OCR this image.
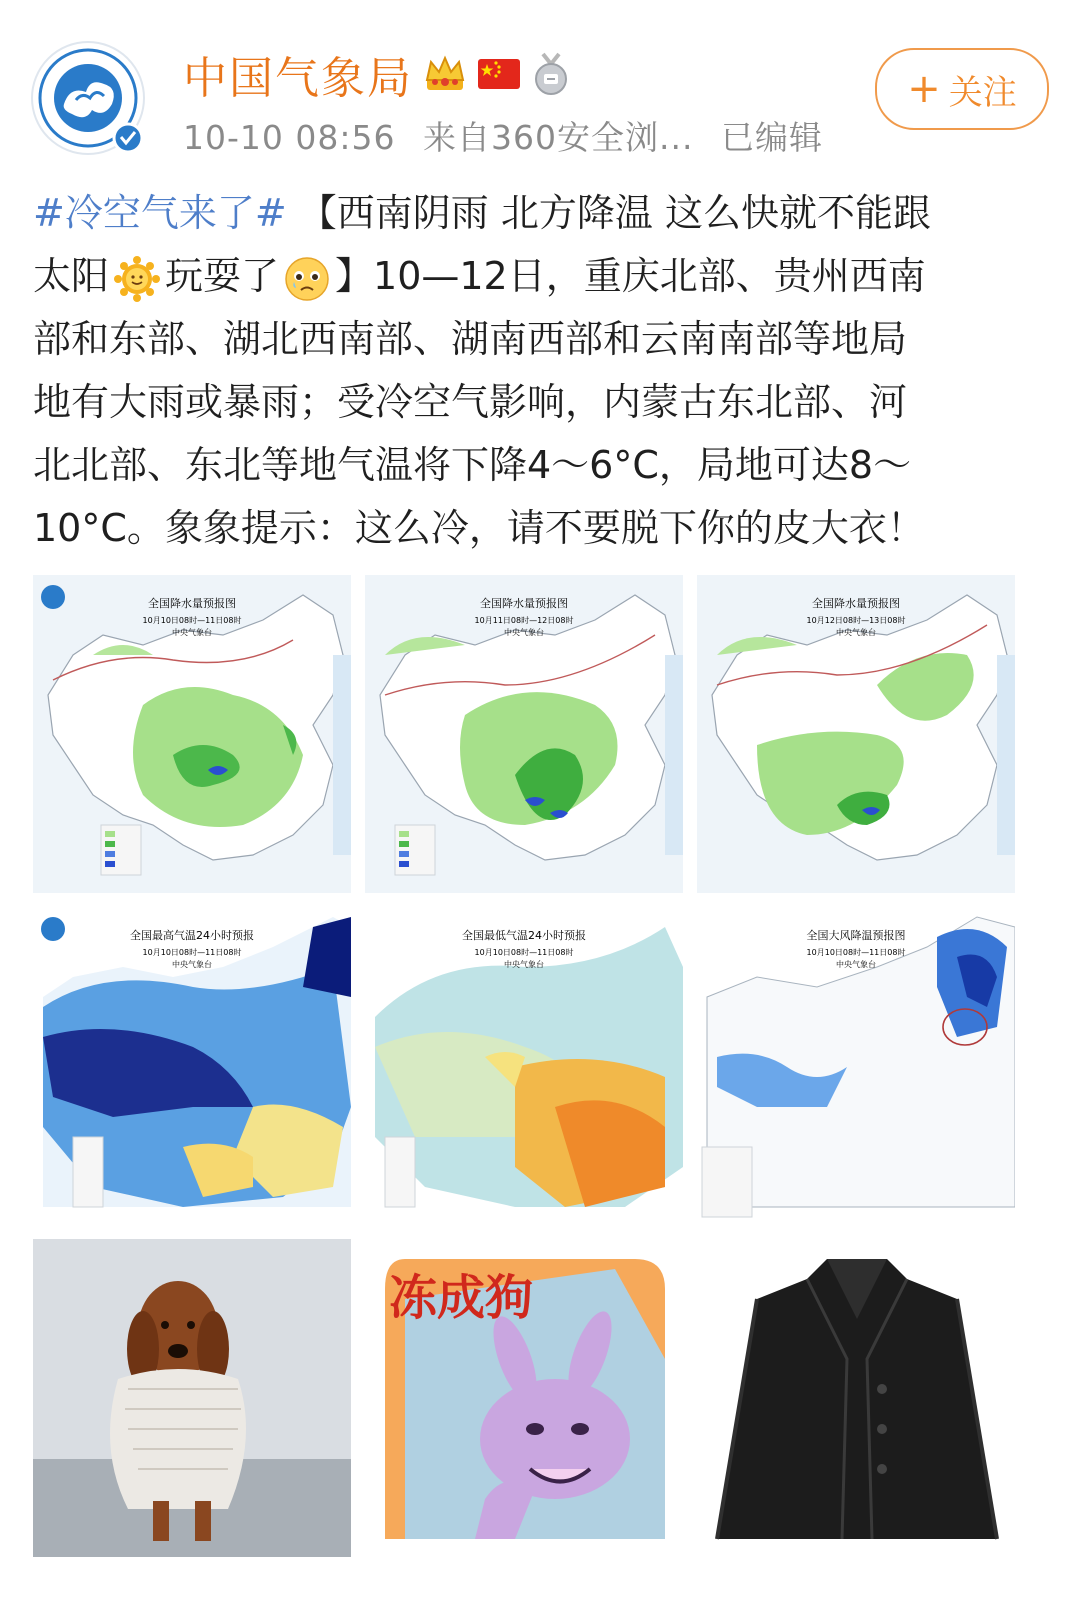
中国气象局
10-10 08:56 来自360安全浏... 已编辑
+ 关注
#冷空气来了# 【西南阴雨 北方降温 这么快就不能跟
太阳 玩耍了 】10—12日，重庆北部、贵州西南
部和东部、湖北西南部、湖南西部和云南南部等地局
地有大雨或暴雨；受冷空气影响，内蒙古东北部、河
北北部、东北等地气温将下降4～6°C，局地可达8～
10°C。象象提示：这么冷，请不要脱下你的皮大衣！
全国降水量预报图
10月10日08时—11日08时
中央气象台
全国降水量预报图
10月11日08时—12日08时
中央气象台
全国降水量预报图
10月12日08时—13日08时
中央气象台
全国最高气温24小时预报
10月10日08时—11日08时
中央气象台
全国最低气温24小时预报
10月10日08时—11日08时
中央气象台
全国大风降温预报图
10月10日08时—11日08时
中央气象台
冻成狗
